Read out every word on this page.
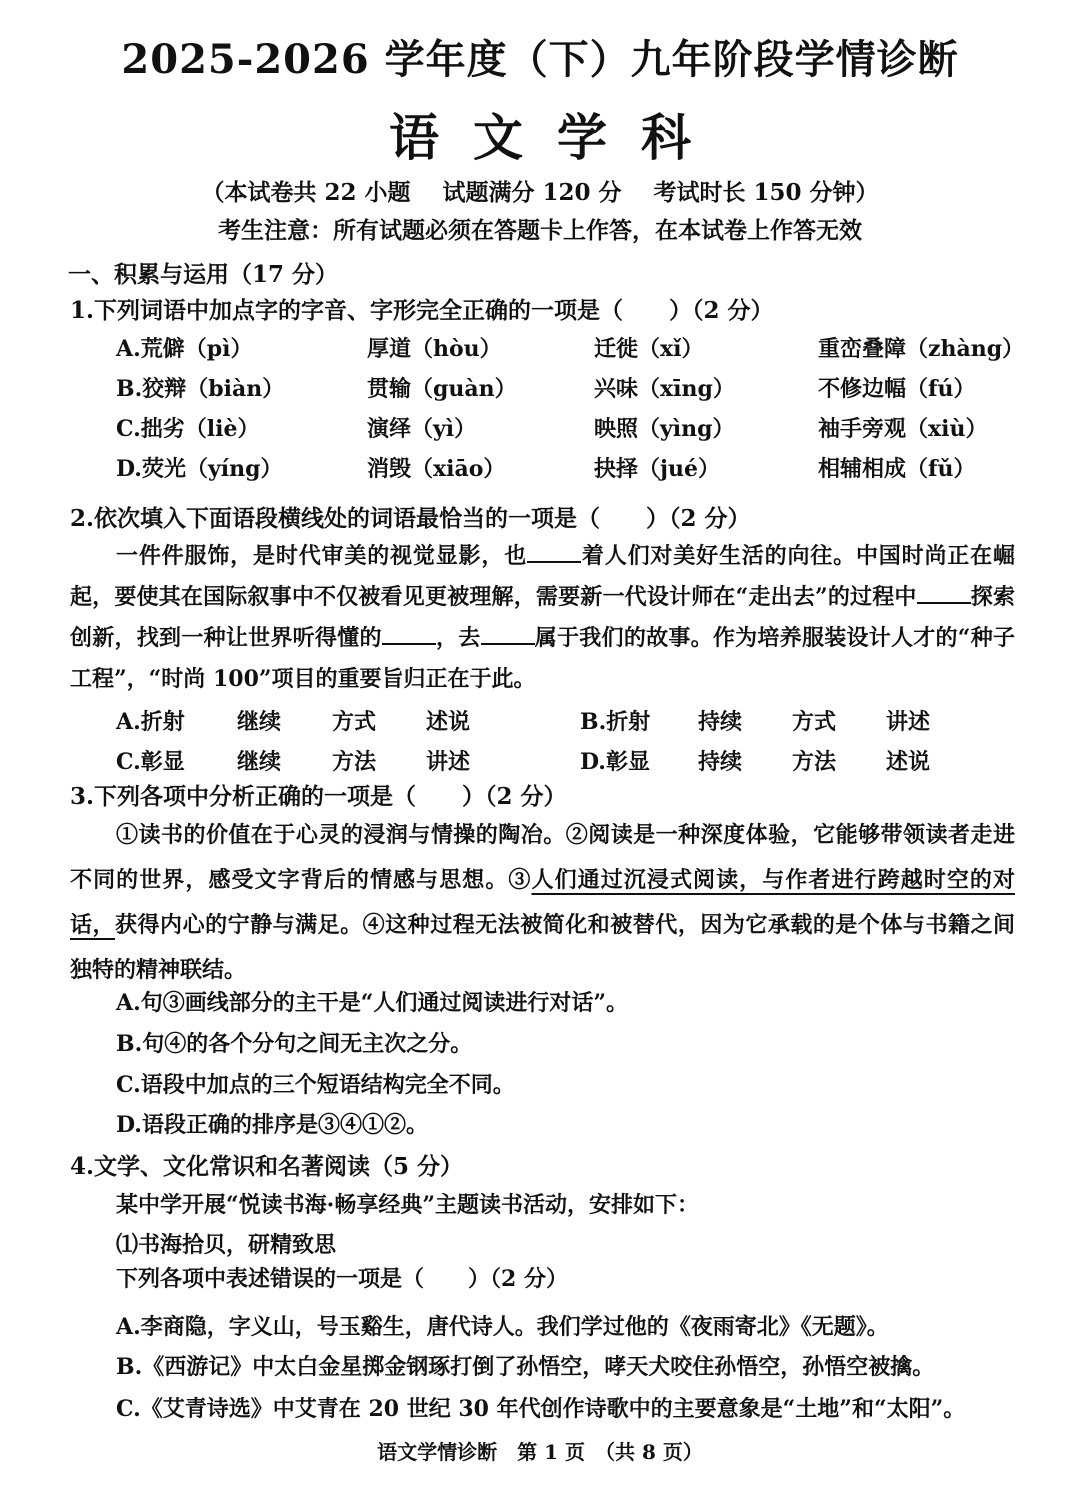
2025-2026 学年度（下）九年阶段学情诊断
语文学科
（本试卷共 22 小题 试题满分 120 分 考试时长 150 分钟）
考生注意：所有试题必须在答题卡上作答，在本试卷上作答无效
一、积累与运用（17 分）
1.下列词语中加点字的字音、字形完全正确的一项是（　　）（2 分）
A.荒僻（pì）	厚道（hòu）	迁徙（xǐ）	重峦叠障（zhàng）
B.狡辩（biàn）	贯输（guàn）	兴味（xīng）	不修边幅（fú）
C.拙劣（liè）	演绎（yì）	映照（yìng）	袖手旁观（xiù）
D.荧光（yíng）	消毁（xiāo）	抉择（jué）	相辅相成（fǔ）
2.依次填入下面语段横线处的词语最恰当的一项是（　　）（2 分）
一件件服饰，是时代审美的视觉显影，也 着人们对美好生活的向往。中国时尚正在崛起，要使其在国际叙事中不仅被看见更被理解，需要新一代设计师在“走出去”的过程中 探索创新，找到一种让世界听得懂的 ，去 属于我们的故事。作为培养服装设计人才的“种子工程”，“时尚 100”项目的重要旨归正在于此。
A.折射 继续 方式 述说	B.折射 持续 方式 讲述
C.彰显 继续 方法 讲述	D.彰显 持续 方法 述说
3.下列各项中分析正确的一项是（　　）（2 分）
①读书的价值在于心灵的浸润与情操的陶冶。②阅读是一种深度体验，它能够带领读者走进不同的世界，感受文字背后的情感与思想。③人们通过沉浸式阅读，与作者进行跨越时空的对话，获得内心的宁静与满足。④这种过程无法被简化和被替代，因为它承载的是个体与书籍之间独特的精神联结。
A.句③画线部分的主干是“人们通过阅读进行对话”。
B.句④的各个分句之间无主次之分。
C.语段中加点的三个短语结构完全不同。
D.语段正确的排序是③④①②。
4.文学、文化常识和名著阅读（5 分）
某中学开展“悦读书海·畅享经典”主题读书活动，安排如下：
⑴书海拾贝，研精致思
下列各项中表述错误的一项是（　　）（2 分）
A.李商隐，字义山，号玉谿生，唐代诗人。我们学过他的《夜雨寄北》《无题》。
B.《西游记》中太白金星掷金钢琢打倒了孙悟空，哮天犬咬住孙悟空，孙悟空被擒。
C.《艾青诗选》中艾青在 20 世纪 30 年代创作诗歌中的主要意象是“土地”和“太阳”。
语文学情诊断　第 1 页　（共 8 页）
